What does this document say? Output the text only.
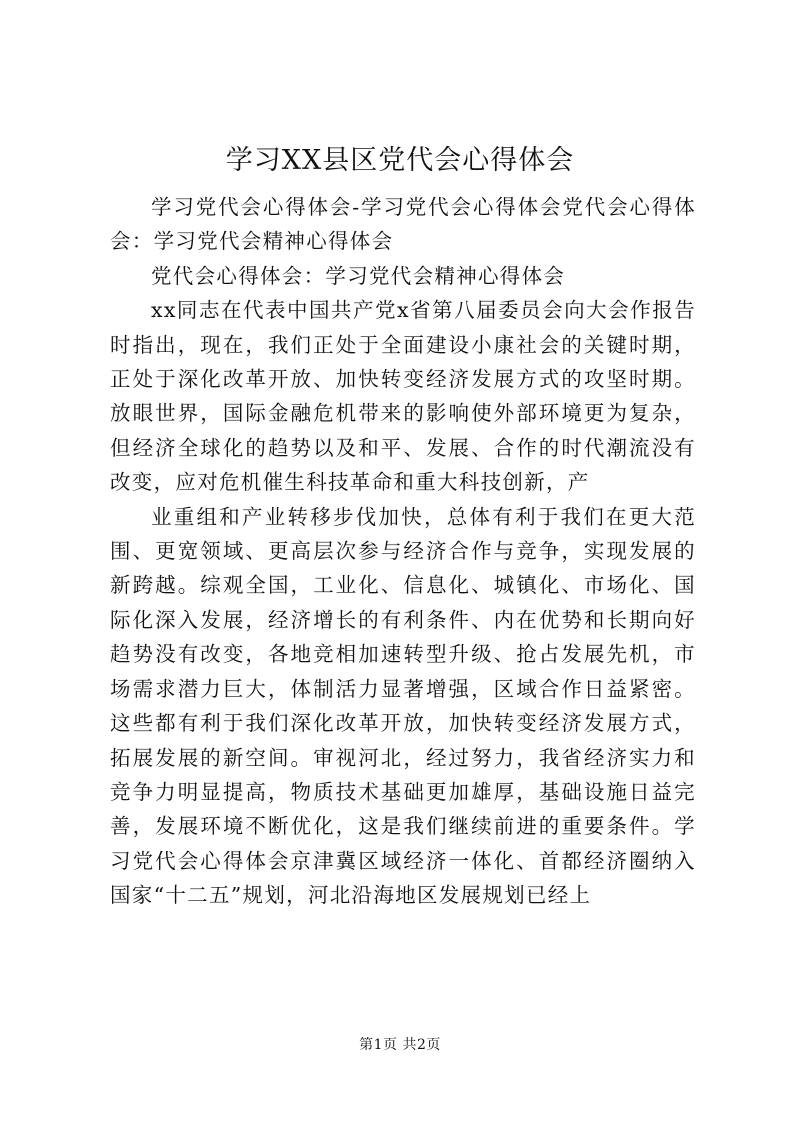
学习XX县区党代会心得体会

学习党代会心得体会-学习党代会心得体会党代会心得体会：学习党代会精神心得体会

党代会心得体会：学习党代会精神心得体会

xx同志在代表中国共产党x省第八届委员会向大会作报告时指出，现在，我们正处于全面建设小康社会的关键时期，正处于深化改革开放、加快转变经济发展方式的攻坚时期。放眼世界，国际金融危机带来的影响使外部环境更为复杂，但经济全球化的趋势以及和平、发展、合作的时代潮流没有改变，应对危机催生科技革命和重大科技创新，产

业重组和产业转移步伐加快，总体有利于我们在更大范围、更宽领域、更高层次参与经济合作与竞争，实现发展的新跨越。综观全国，工业化、信息化、城镇化、市场化、国际化深入发展，经济增长的有利条件、内在优势和长期向好趋势没有改变，各地竞相加速转型升级、抢占发展先机，市场需求潜力巨大，体制活力显著增强，区域合作日益紧密。这些都有利于我们深化改革开放，加快转变经济发展方式，拓展发展的新空间。审视河北，经过努力，我省经济实力和竞争力明显提高，物质技术基础更加雄厚，基础设施日益完善，发展环境不断优化，这是我们继续前进的重要条件。学习党代会心得体会京津冀区域经济一体化、首都经济圈纳入国家“十二五”规划，河北沿海地区发展规划已经上

第1页 共2页
